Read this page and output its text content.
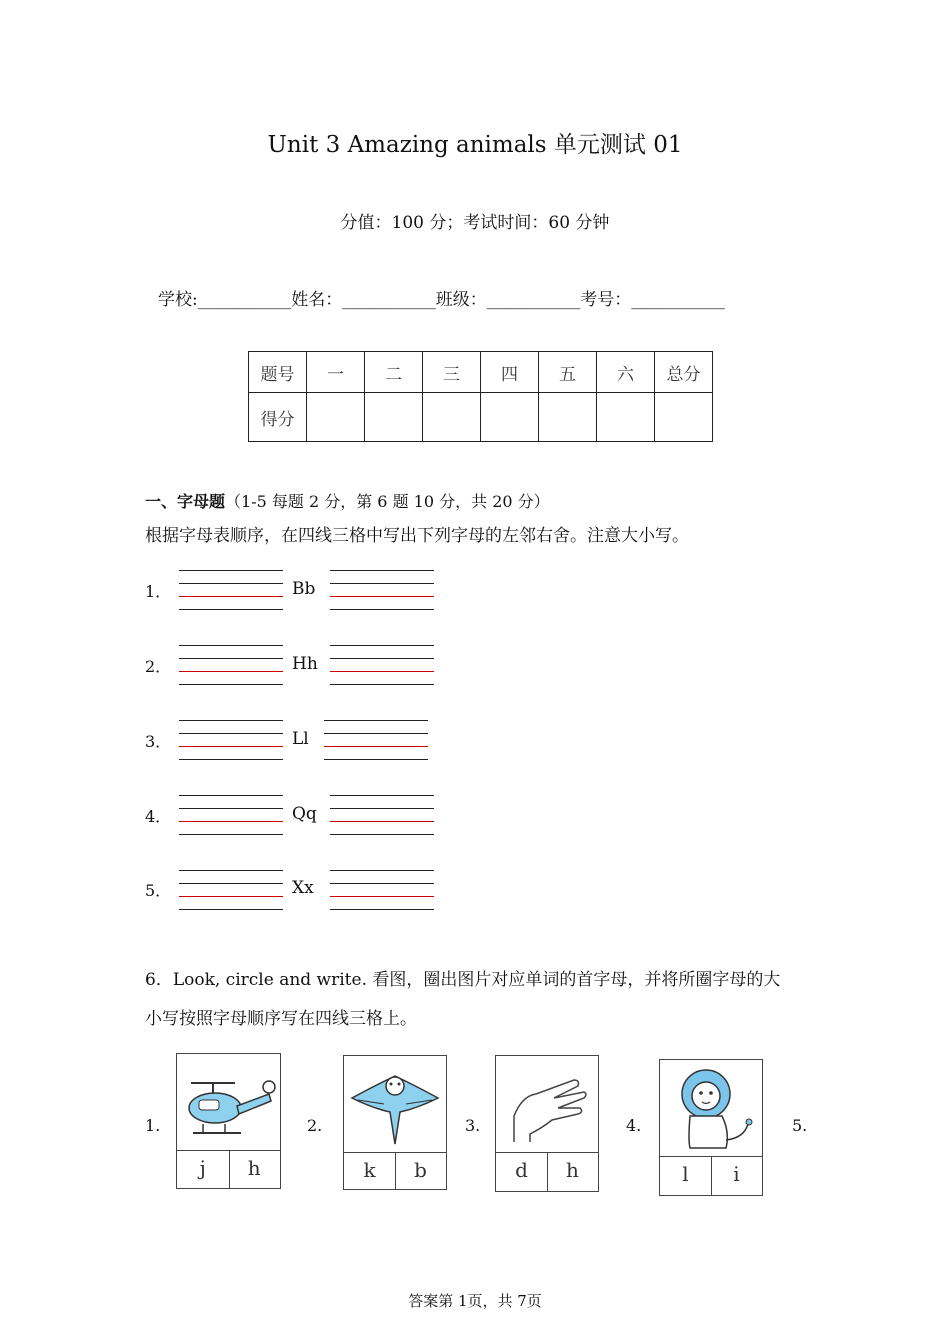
Unit 3 Amazing animals 单元测试 01
分值：100 分；考试时间：60 分钟
学校:___________姓名：___________班级：___________考号：___________
题号	一	二	三	四	五	六	总分
得分							
一、字母题（1-5 每题 2 分，第 6 题 10 分，共 20 分）
根据字母表顺序，在四线三格中写出下列字母的左邻右舍。注意大小写。
1．	Bb
2．	Hh
3．	Ll
4．	Qq
5．	Xx
6．Look, circle and write. 看图，圈出图片对应单词的首字母，并将所圈字母的大
小写按照字母顺序写在四线三格上。
1.
j	h
2.
k	b
3.
d	h
4.
l	i
5.
答案第 1页，共 7页
